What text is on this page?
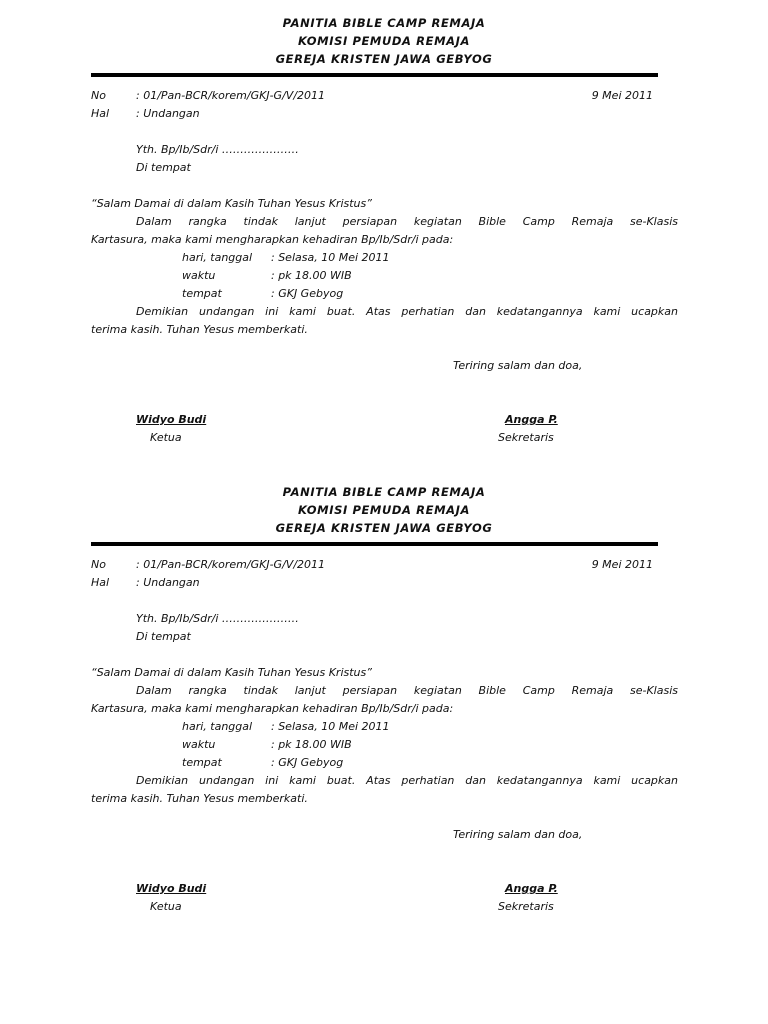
PANITIA BIBLE CAMP REMAJA
KOMISI PEMUDA REMAJA
GEREJA KRISTEN JAWA GEBYOG
No	: 01/Pan-BCR/korem/GKJ-G/V/2011	9 Mei 2011
Hal : Undangan
Yth. Bp/Ib/Sdr/i …………………
Di tempat
“Salam Damai di dalam Kasih Tuhan Yesus Kristus”
Dalam rangka tindak lanjut persiapan kegiatan Bible Camp Remaja se-Klasis
Kartasura, maka kami mengharapkan kehadiran Bp/Ib/Sdr/i pada:
hari, tanggal : Selasa, 10 Mei 2011
waktu	: pk 18.00 WIB
tempat	: GKJ Gebyog
Demikian undangan ini kami buat. Atas perhatian dan kedatangannya kami ucapkan
terima kasih. Tuhan Yesus memberkati.
Teriring salam dan doa,
Widyo Budi
Ketua
Angga P.
Sekretaris
PANITIA BIBLE CAMP REMAJA
KOMISI PEMUDA REMAJA
GEREJA KRISTEN JAWA GEBYOG
No	: 01/Pan-BCR/korem/GKJ-G/V/2011	9 Mei 2011
Hal : Undangan
Yth. Bp/Ib/Sdr/i …………………
Di tempat
“Salam Damai di dalam Kasih Tuhan Yesus Kristus”
Dalam rangka tindak lanjut persiapan kegiatan Bible Camp Remaja se-Klasis
Kartasura, maka kami mengharapkan kehadiran Bp/Ib/Sdr/i pada:
hari, tanggal : Selasa, 10 Mei 2011
waktu	: pk 18.00 WIB
tempat	: GKJ Gebyog
Demikian undangan ini kami buat. Atas perhatian dan kedatangannya kami ucapkan
terima kasih. Tuhan Yesus memberkati.
Teriring salam dan doa,
Widyo Budi
Ketua
Angga P.
Sekretaris
